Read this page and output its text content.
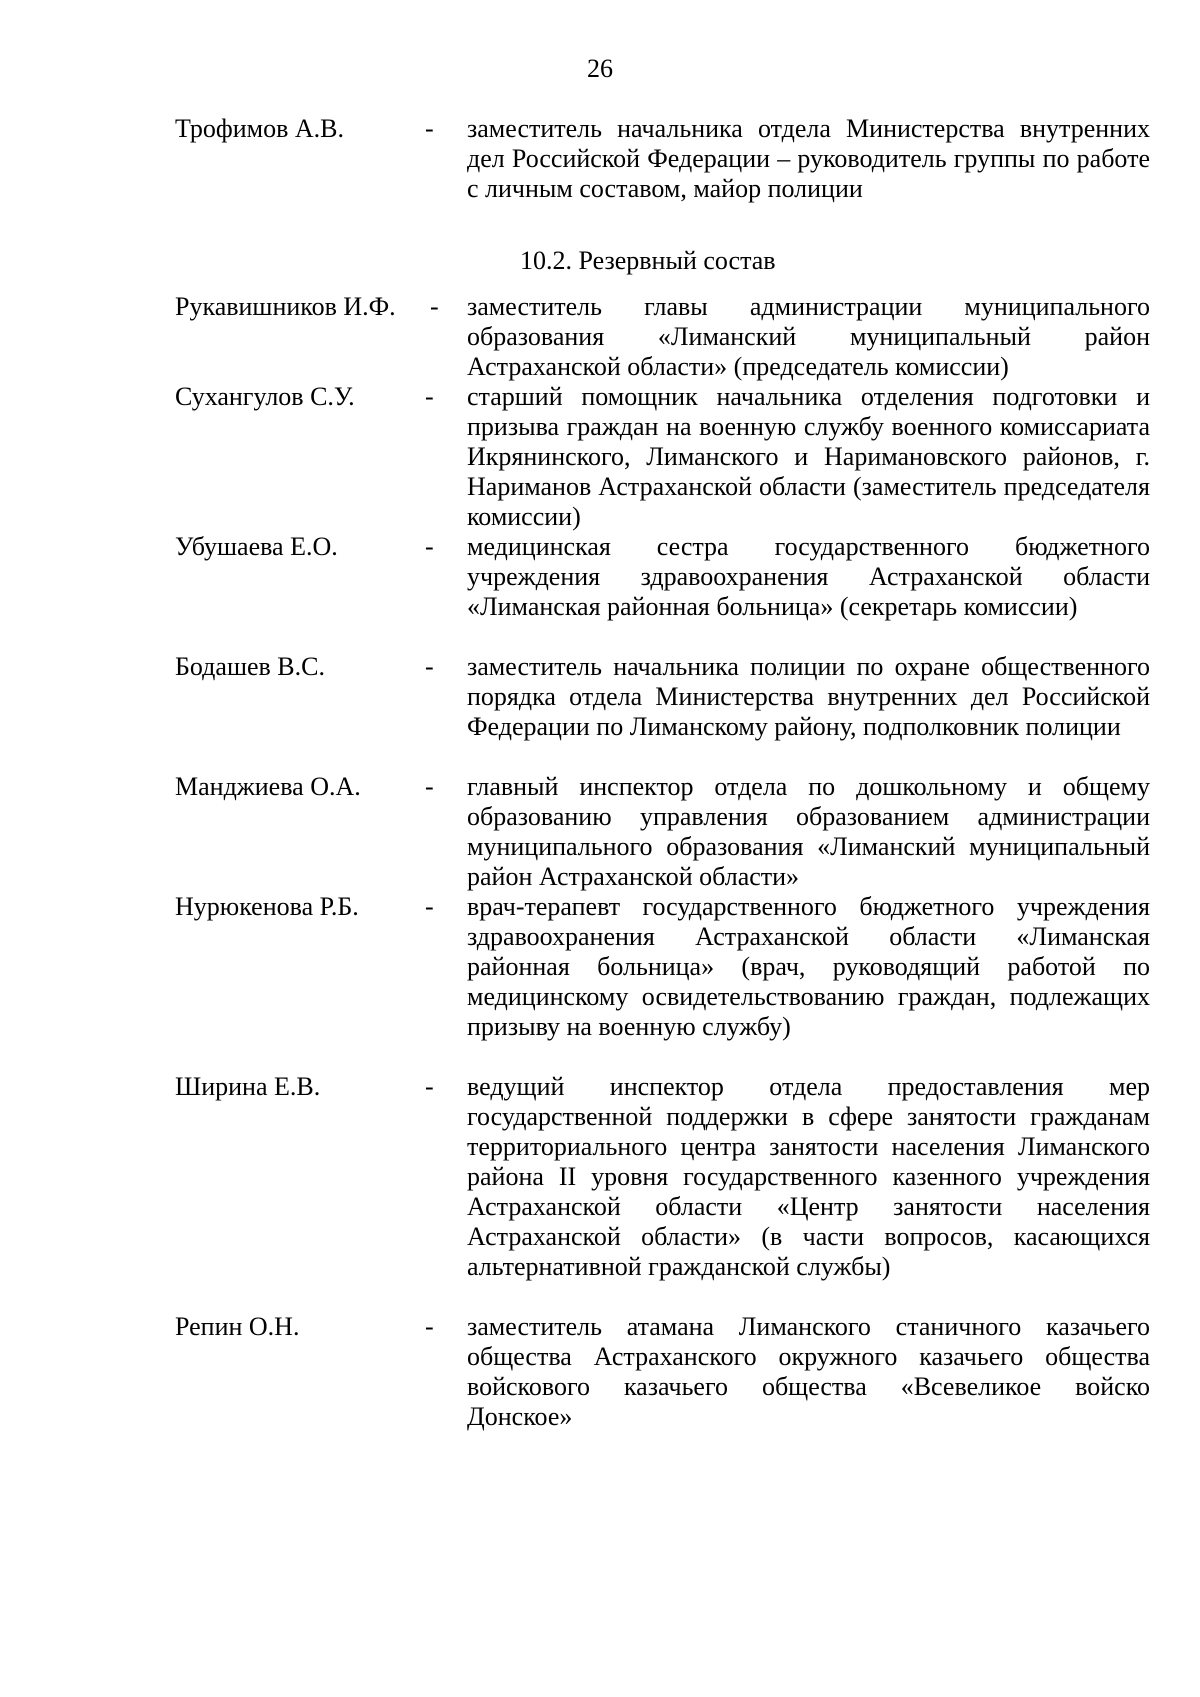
26
Трофимов А.В.	- заместитель начальника отдела Министерства внутренних дел Российской Федерации – руководитель группы по работе с личным составом, майор полиции
10.2. Резервный состав
Рукавишников И.Ф. - заместитель главы администрации муниципального образования «Лиманский муниципальный район Астраханской области» (председатель комиссии)
Сухангулов С.У.	- старший помощник начальника отделения подготовки и призыва граждан на военную службу военного комиссариата Икрянинского, Лиманского и Наримановского районов, г. Нариманов Астраханской области (заместитель председателя комиссии)
Убушаева Е.О.	- медицинская сестра государственного бюджетного учреждения здравоохранения Астраханской области «Лиманская районная больница» (секретарь комиссии)
Бодашев В.С.	- заместитель начальника полиции по охране общественного порядка отдела Министерства внутренних дел Российской Федерации по Лиманскому району, подполковник полиции
Манджиева О.А. - главный инспектор отдела по дошкольному и общему образованию управления образованием администрации муниципального образования «Лиманский муниципальный район Астраханской области»
Нурюкенова Р.Б.	- врач-терапевт государственного бюджетного учреждения здравоохранения Астраханской области «Лиманская районная больница» (врач, руководящий работой по медицинскому освидетельствованию граждан, подлежащих призыву на военную службу)
Ширина Е.В.	- ведущий инспектор отдела предоставления мер государственной поддержки в сфере занятости гражданам территориального центра занятости населения Лиманского района II уровня государственного казенного учреждения Астраханской области «Центр занятости населения Астраханской области» (в части вопросов, касающихся альтернативной гражданской службы)
Репин О.Н.	- заместитель атамана Лиманского станичного казачьего общества Астраханского окружного казачьего общества войскового казачьего общества «Всевеликое войско Донское»
